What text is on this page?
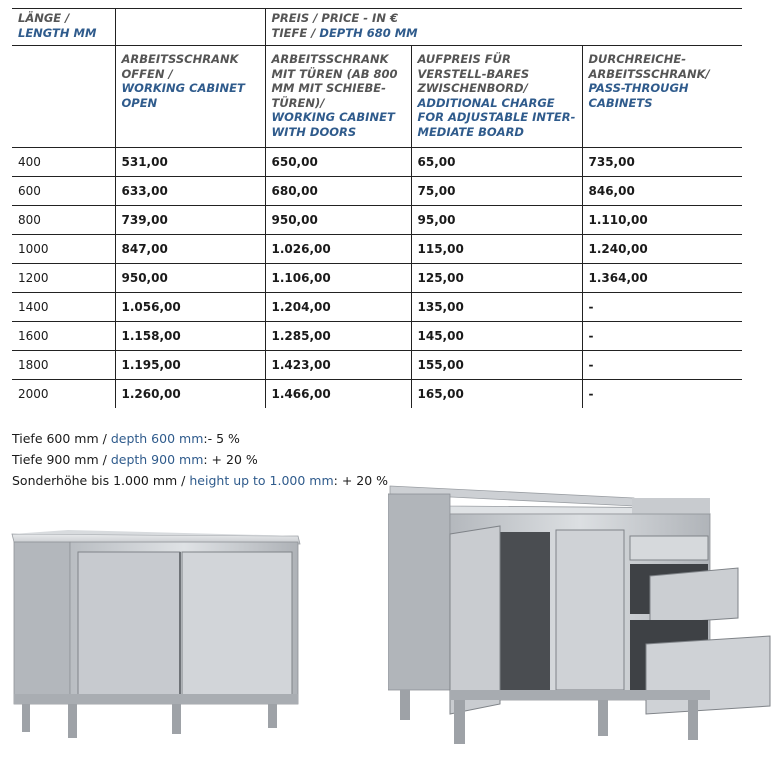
LÄNGE /
LENGTH MM		PREIS / PRICE - IN €
TIEFE / DEPTH 680 MM		

	ARBEITSSCHRANK OFFEN /
WORKING CABINET OPEN	ARBEITSSCHRANK MIT TÜREN (AB 800 MM MIT SCHIEBE-TÜREN)/
WORKING CABINET WITH DOORS	AUFPREIS FÜR VERSTELL-BARES ZWISCHENBORD/
ADDITIONAL CHARGE FOR ADJUSTABLE INTER-MEDIATE BOARD	DURCHREICHE-ARBEITSSCHRANK/
PASS-THROUGH CABINETS

400	531,00	650,00	65,00	735,00
600	633,00	680,00	75,00	846,00
800	739,00	950,00	95,00	1.110,00
1000	847,00	1.026,00	115,00	1.240,00
1200	950,00	1.106,00	125,00	1.364,00
1400	1.056,00	1.204,00	135,00	-
1600	1.158,00	1.285,00	145,00	-
1800	1.195,00	1.423,00	155,00	-
2000	1.260,00	1.466,00	165,00	-
Tiefe 600 mm / depth 600 mm:- 5 %
Tiefe 900 mm / depth 900 mm: + 20 %
Sonderhöhe bis 1.000 mm / height up to 1.000 mm: + 20 %
